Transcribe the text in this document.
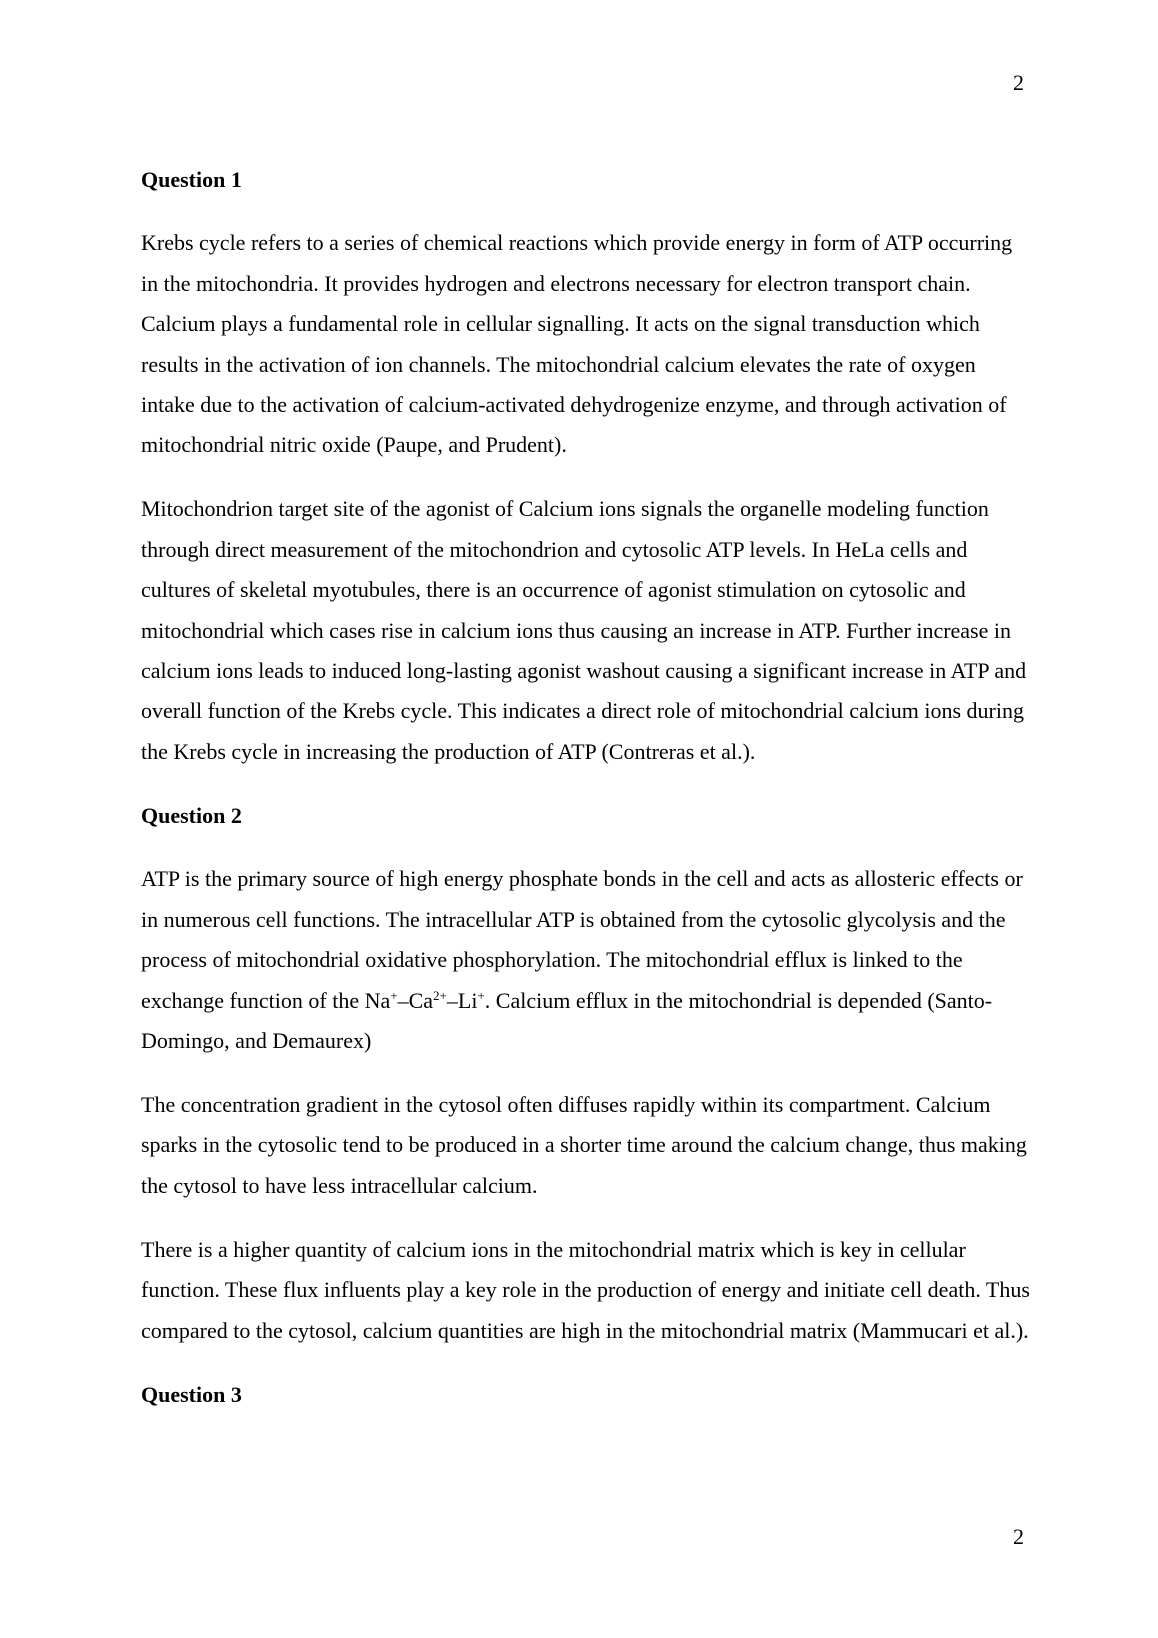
2
Question 1

Krebs cycle refers to a series of chemical reactions which provide energy in form of ATP occurring in the mitochondria. It provides hydrogen and electrons necessary for electron transport chain. Calcium plays a fundamental role in cellular signalling. It acts on the signal transduction which results in the activation of ion channels. The mitochondrial calcium elevates the rate of oxygen intake due to the activation of calcium-activated dehydrogenize enzyme, and through activation of mitochondrial nitric oxide (Paupe, and Prudent).

Mitochondrion target site of the agonist of Calcium ions signals the organelle modeling function through direct measurement of the mitochondrion and cytosolic ATP levels. In HeLa cells and cultures of skeletal myotubules, there is an occurrence of agonist stimulation on cytosolic and mitochondrial which cases rise in calcium ions thus causing an increase in ATP. Further increase in calcium ions leads to induced long-lasting agonist washout causing a significant increase in ATP and overall function of the Krebs cycle. This indicates a direct role of mitochondrial calcium ions during the Krebs cycle in increasing the production of ATP (Contreras et al.).

Question 2

ATP is the primary source of high energy phosphate bonds in the cell and acts as allosteric effects or in numerous cell functions. The intracellular ATP is obtained from the cytosolic glycolysis and the process of mitochondrial oxidative phosphorylation. The mitochondrial efflux is linked to the exchange function of the $Na^+-Ca^{2+}-Li^+$. Calcium efflux in the mitochondrial is depended (Santo-Domingo, and Demaurex)

The concentration gradient in the cytosol often diffuses rapidly within its compartment. Calcium sparks in the cytosolic tend to be produced in a shorter time around the calcium change, thus making the cytosol to have less intracellular calcium.

There is a higher quantity of calcium ions in the mitochondrial matrix which is key in cellular function. These flux influents play a key role in the production of energy and initiate cell death. Thus compared to the cytosol, calcium quantities are high in the mitochondrial matrix (Mammucari et al.).

Question 3
2
